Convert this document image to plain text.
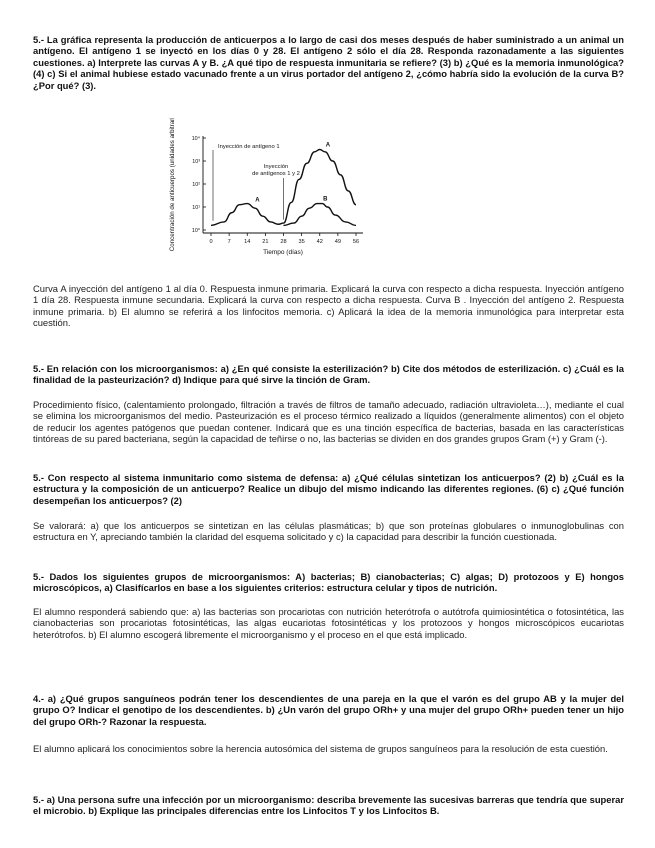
5.- La gráfica representa la producción de anticuerpos a lo largo de casi dos meses después de haber suministrado a un animal un antígeno. El antígeno 1 se inyectó en los días 0 y 28. El antígeno 2 sólo el día 28. Responda razonadamente a las siguientes cuestiones. a) Interprete las curvas A y B. ¿A qué tipo de respuesta inmunitaria se refiere? (3) b) ¿Qué es la memoria inmunológica? (4) c) Si el animal hubiese estado vacunado frente a un virus portador del antígeno 2, ¿cómo habría sido la evolución de la curva B? ¿Por qué? (3).

Concentración de anticuerpos (unidades arbitrarias)	10⁰
10¹
10²
10³
10⁴
0	7 14 21 28 35 42 49 56
Tiempo (días)
A
B
A
Inyección de antígeno 1
Inyección
de antígenos 1 y 2

Curva A inyección del antígeno 1 al día 0. Respuesta inmune primaria. Explicará la curva con respecto a dicha respuesta. Inyección antígeno 1 día 28. Respuesta inmune secundaria. Explicará la curva con respecto a dicha respuesta. Curva B . Inyección del antígeno 2. Respuesta inmune primaria. b) El alumno se referirá a los linfocitos memoria. c) Aplicará la idea de la memoria inmunológica para interpretar esta cuestión.

5.- En relación con los microorganismos: a) ¿En qué consiste la esterilización? b) Cite dos métodos de esterilización. c) ¿Cuál es la finalidad de la pasteurización? d) Indique para qué sirve la tinción de Gram.

Procedimiento físico, (calentamiento prolongado, filtración a través de filtros de tamaño adecuado, radiación ultravioleta…), mediante el cual se elimina los microorganismos del medio. Pasteurización es el proceso térmico realizado a líquidos (generalmente alimentos) con el objeto de reducir los agentes patógenos que puedan contener. Indicará que es una tinción específica de bacterias, basada en las características tintóreas de su pared bacteriana, según la capacidad de teñirse o no, las bacterias se dividen en dos grandes grupos Gram (+) y Gram (-).

5.- Con respecto al sistema inmunitario como sistema de defensa: a) ¿Qué células sintetizan los anticuerpos? (2) b) ¿Cuál es la estructura y la composición de un anticuerpo? Realice un dibujo del mismo indicando las diferentes regiones. (6) c) ¿Qué función desempeñan los anticuerpos? (2)

Se valorará: a) que los anticuerpos se sintetizan en las células plasmáticas; b) que son proteínas globulares o inmunoglobulinas con estructura en Y, apreciando también la claridad del esquema solicitado y c) la capacidad para describir la función cuestionada.

5.- Dados los siguientes grupos de microorganismos: A) bacterias; B) cianobacterias; C) algas; D) protozoos y E) hongos microscópicos, a) Clasifícarlos en base a los siguientes criterios: estructura celular y tipos de nutrición.

El alumno responderá sabiendo que: a) las bacterias son procariotas con nutrición heterótrofa o autótrofa quimiosintética o fotosintética, las cianobacterias son procariotas fotosintéticas, las algas eucariotas fotosintéticas y los protozoos y hongos microscópicos eucariotas heterótrofos. b) El alumno escogerá libremente el microorganismo y el proceso en el que está implicado.

4.- a) ¿Qué grupos sanguíneos podrán tener los descendientes de una pareja en la que el varón es del grupo AB y la mujer del grupo O? Indicar el genotipo de los descendientes. b) ¿Un varón del grupo ORh+ y una mujer del grupo ORh+ pueden tener un hijo del grupo ORh-? Razonar la respuesta.

El alumno aplicará los conocimientos sobre la herencia autosómica del sistema de grupos sanguíneos para la resolución de esta cuestión.

5.- a) Una persona sufre una infección por un microorganismo: describa brevemente las sucesivas barreras que tendría que superar el microbio. b) Explique las principales diferencias entre los Linfocitos T y los Linfocitos B.
